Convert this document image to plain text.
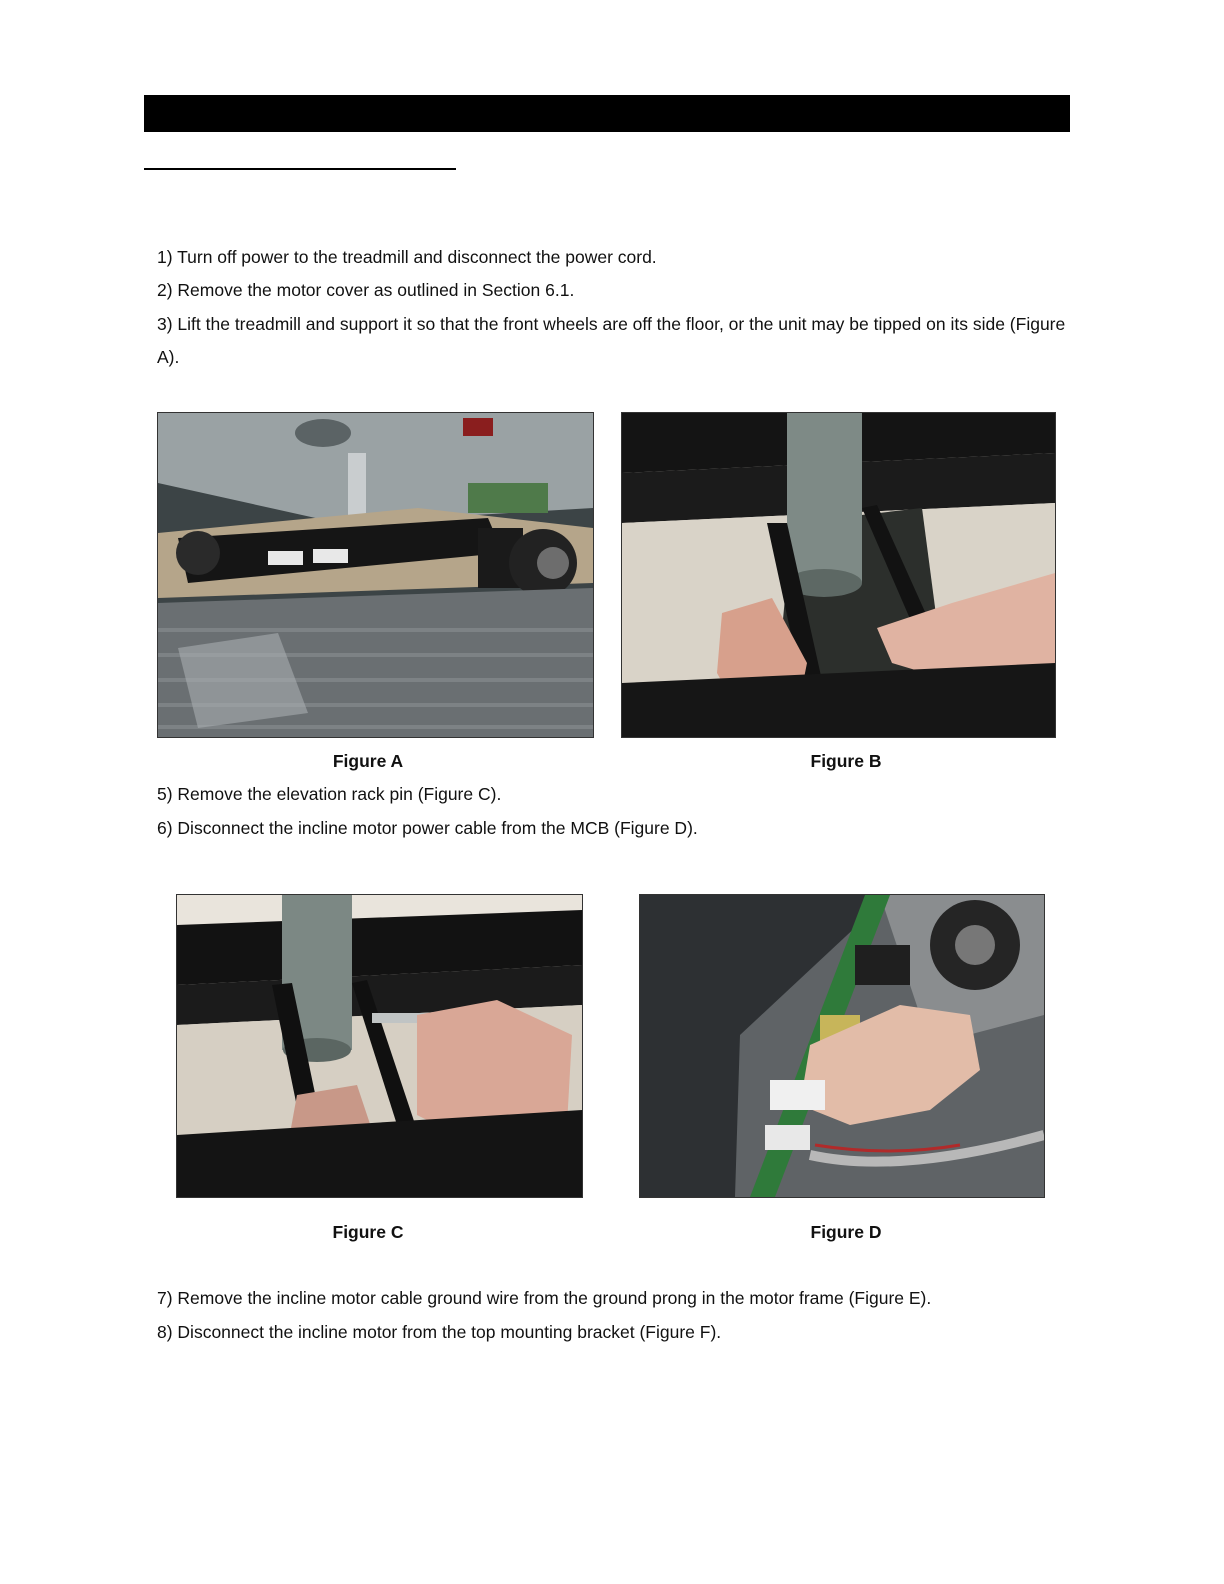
1) Turn off power to the treadmill and disconnect the power cord.
2) Remove the motor cover as outlined in Section 6.1.
3) Lift the treadmill and support it so that the front wheels are off the floor, or the unit may be tipped on its side (Figure A).
Figure A	Figure B
5) Remove the elevation rack pin (Figure C).
6) Disconnect the incline motor power cable from the MCB (Figure D).
Figure C	Figure D
7) Remove the incline motor cable ground wire from the ground prong in the motor frame (Figure E).
8) Disconnect the incline motor from the top mounting bracket (Figure F).
